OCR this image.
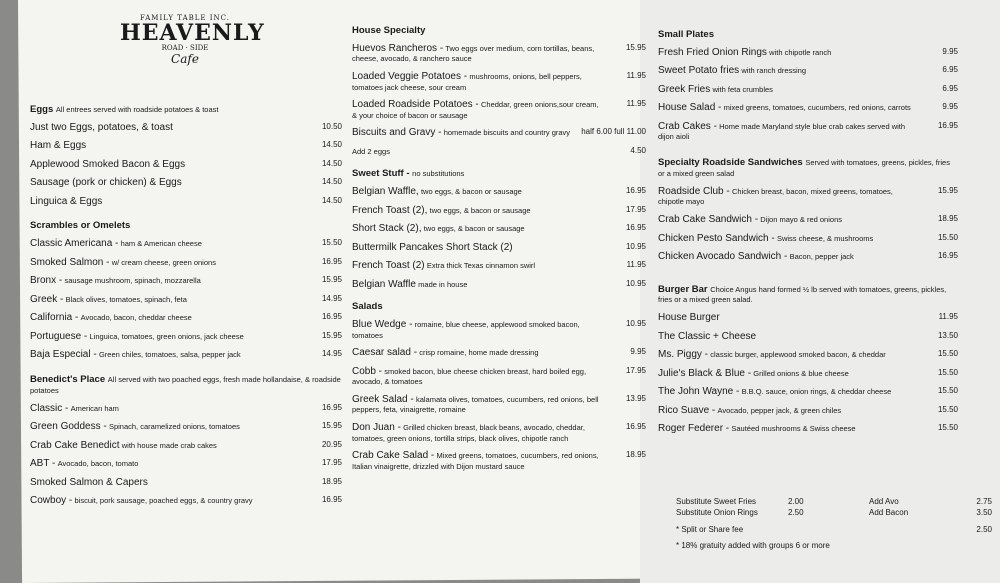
FAMILY TABLE INC.
HEAVENLY
ROAD · SIDE
Cafe
Eggs All entrees served with roadside potatoes & toast
Just two Eggs, potatoes, & toast	10.50
Ham & Eggs	14.50
Applewood Smoked Bacon & Eggs	14.50
Sausage (pork or chicken) & Eggs	14.50
Linguica & Eggs	14.50
Scrambles or Omelets
Classic Americana - ham & American cheese	15.50
Smoked Salmon - w/ cream cheese, green onions	16.95
Bronx - sausage mushroom, spinach, mozzarella	15.95
Greek - Black olives, tomatoes, spinach, feta	14.95
California - Avocado, bacon, cheddar cheese	16.95
Portuguese - Linguica, tomatoes, green onions, jack cheese	15.95
Baja Especial - Green chiles, tomatoes, salsa, pepper jack	14.95
Benedict's Place All served with two poached eggs, fresh made hollandaise, & roadside potatoes
Classic - American ham	16.95
Green Goddess - Spinach, caramelized onions, tomatoes	15.95
Crab Cake Benedict with house made crab cakes	20.95
ABT - Avocado, bacon, tomato	17.95
Smoked Salmon & Capers	18.95
Cowboy - biscuit, pork sausage, poached eggs, & country gravy	16.95
House Specialty
Huevos Rancheros - Two eggs over medium, corn tortillas, beans, cheese, avocado, & ranchero sauce
15.95
Loaded Veggie Potatoes - mushrooms, onions, bell peppers, tomatoes jack cheese, sour cream
11.95
Loaded Roadside Potatoes - Cheddar, green onions,sour cream, & your choice of bacon or sausage
11.95
Biscuits and Gravy - homemade biscuits and country gravy	half 6.00 full 11.00
Add 2 eggs	4.50
Sweet Stuff - no substitutions
Belgian Waffle, two eggs, & bacon or sausage	16.95
French Toast (2), two eggs, & bacon or sausage	17.95
Short Stack (2), two eggs, & bacon or sausage	16.95
Buttermilk Pancakes Short Stack (2)	10.95
French Toast (2) Extra thick Texas cinnamon swirl	11.95
Belgian Waffle made in house	10.95
Salads
Blue Wedge - romaine, blue cheese, applewood smoked bacon, tomatoes
10.95
Caesar salad - crisp romaine, home made dressing	9.95
Cobb - smoked bacon, blue cheese chicken breast, hard boiled egg, avocado, & tomatoes
17.95
Greek Salad - kalamata olives, tomatoes, cucumbers, red onions, bell peppers, feta, vinaigrette, romaine
13.95
Don Juan - Grilled chicken breast, black beans, avocado, cheddar, tomatoes, green onions, tortilla strips, black olives, chipotle ranch
16.95
Crab Cake Salad - Mixed greens, tomatoes, cucumbers, red onions, Italian vinaigrette, drizzled with Dijon mustard sauce
18.95
Small Plates
Fresh Fried Onion Rings with chipotle ranch	9.95
Sweet Potato fries with ranch dressing	6.95
Greek Fries with feta crumbles	6.95
House Salad - mixed greens, tomatoes, cucumbers, red onions, carrots	9.95
Crab Cakes - Home made Maryland style blue crab cakes served with dijon aioli
16.95
Specialty Roadside Sandwiches Served with tomatoes, greens, pickles, fries or a mixed green salad
Roadside Club - Chicken breast, bacon, mixed greens, tomatoes, chipotle mayo
15.95
Crab Cake Sandwich - Dijon mayo & red onions	18.95
Chicken Pesto Sandwich - Swiss cheese, & mushrooms	15.50
Chicken Avocado Sandwich - Bacon, pepper jack	16.95
Burger Bar Choice Angus hand formed ½ lb served with tomatoes, greens, pickles, fries or a mixed green salad.
House Burger	11.95
The Classic + Cheese	13.50
Ms. Piggy - classic burger, applewood smoked bacon, & cheddar	15.50
Julie's Black & Blue - Grilled onions & blue cheese	15.50
The John Wayne - B.B.Q. sauce, onion rings, & cheddar cheese	15.50
Rico Suave - Avocado, pepper jack, & green chiles	15.50
Roger Federer - Sautéed mushrooms & Swiss cheese	15.50
Substitute Sweet Fries	2.00	Add Avo	2.75
Substitute Onion Rings	2.50	Add Bacon	3.50
* Split or Share fee	2.50
* 18% gratuity added with groups 6 or more
